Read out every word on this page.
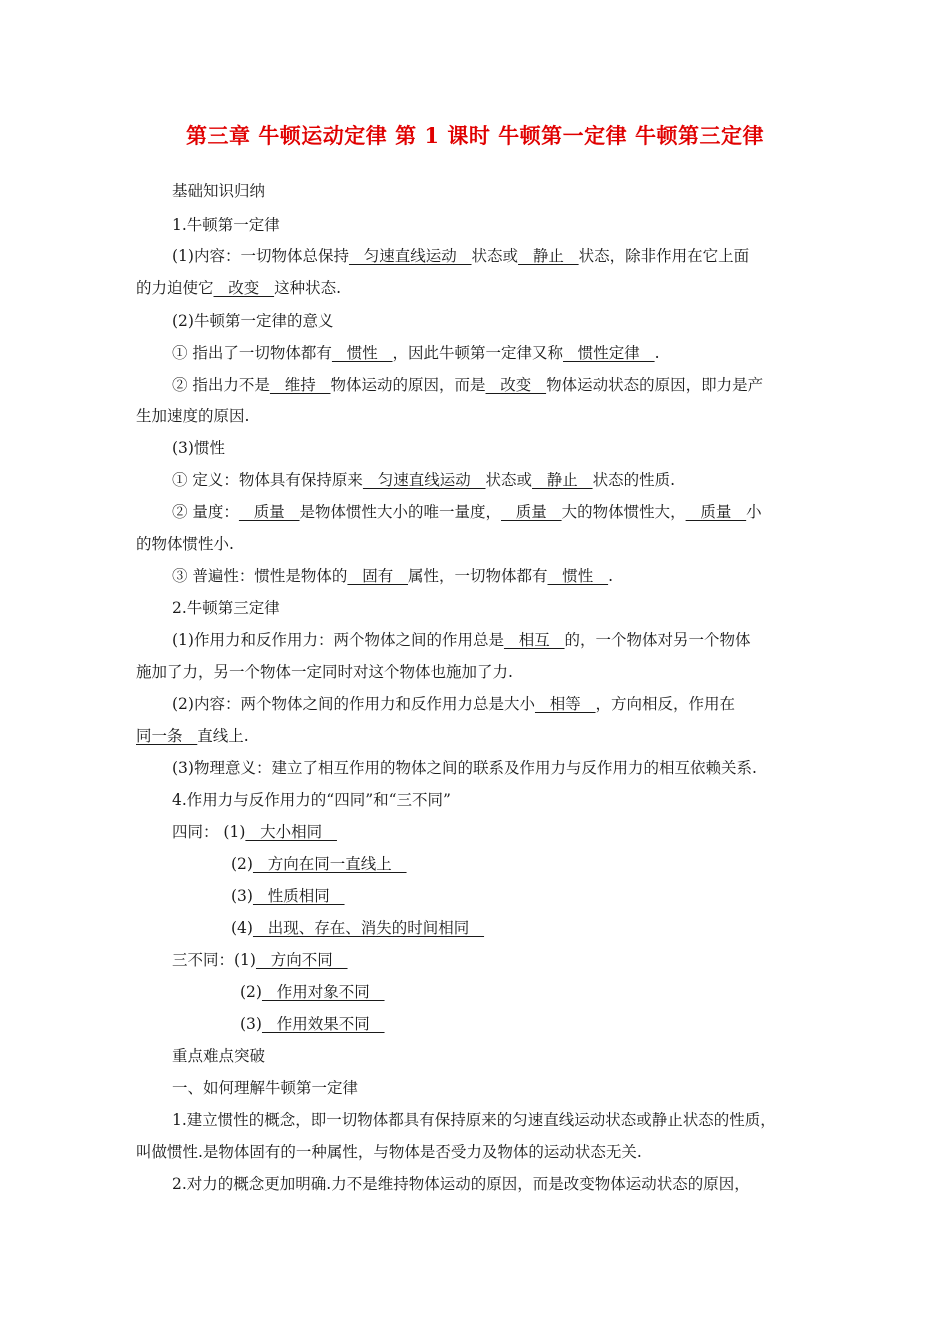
第三章 牛顿运动定律 第 1 课时 牛顿第一定律 牛顿第三定律
基础知识归纳
1.牛顿第一定律
(1)内容：一切物体总保持   匀速直线运动   状态或   静止   状态，除非作用在它上面
的力迫使它   改变   这种状态.
(2)牛顿第一定律的意义
① 指出了一切物体都有   惯性   ，因此牛顿第一定律又称   惯性定律   .
② 指出力不是   维持   物体运动的原因，而是   改变   物体运动状态的原因，即力是产
生加速度的原因.
(3)惯性
① 定义：物体具有保持原来   匀速直线运动   状态或   静止   状态的性质.
② 量度：   质量   是物体惯性大小的唯一量度，   质量   大的物体惯性大，   质量   小
的物体惯性小.
③ 普遍性：惯性是物体的   固有   属性，一切物体都有   惯性   .
2.牛顿第三定律
(1)作用力和反作用力：两个物体之间的作用总是   相互   的，一个物体对另一个物体
施加了力，另一个物体一定同时对这个物体也施加了力.
(2)内容：两个物体之间的作用力和反作用力总是大小   相等   ，方向相反，作用在
同一条   直线上.
(3)物理意义：建立了相互作用的物体之间的联系及作用力与反作用力的相互依赖关系.
4.作用力与反作用力的“四同”和“三不同”
四同： (1)   大小相同
(2)   方向在同一直线上
(3)   性质相同
(4)   出现、存在、消失的时间相同
三不同：(1)   方向不同
(2)   作用对象不同
(3)   作用效果不同
重点难点突破
一、如何理解牛顿第一定律
1.建立惯性的概念，即一切物体都具有保持原来的匀速直线运动状态或静止状态的性质，
叫做惯性.是物体固有的一种属性，与物体是否受力及物体的运动状态无关.
2.对力的概念更加明确.力不是维持物体运动的原因，而是改变物体运动状态的原因，
